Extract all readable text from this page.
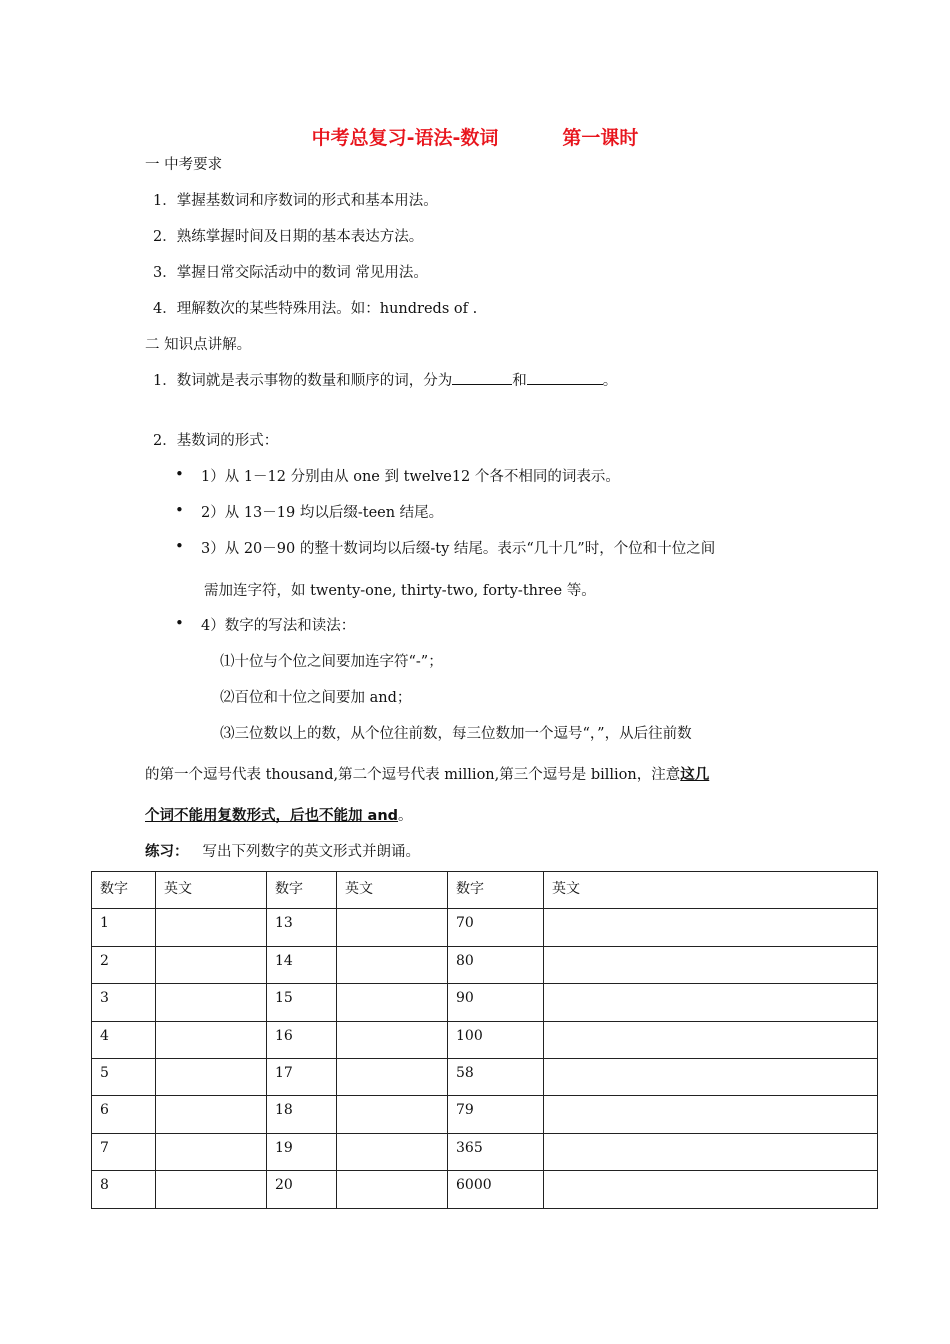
中考总复习-语法-数词	第一课时
一 中考要求
1．掌握基数词和序数词的形式和基本用法。
2．熟练掌握时间及日期的基本表达方法。
3．掌握日常交际活动中的数词 常见用法。
4．理解数次的某些特殊用法。如：hundreds of .
二 知识点讲解。
1．数词就是表示事物的数量和顺序的词，分为	和	。
2．基数词的形式：
• 1）从 1－12 分别由从 one 到 twelve12 个各不相同的词表示。
• 2）从 13－19 均以后缀-teen 结尾。
• 3）从 20－90 的整十数词均以后缀-ty 结尾。表示“几十几”时，个位和十位之间
需加连字符，如 twenty-one, thirty-two, forty-three 等。
• 4）数字的写法和读法：
⑴十位与个位之间要加连字符“-”；
⑵百位和十位之间要加 and；
⑶三位数以上的数，从个位往前数，每三位数加一个逗号“，”，从后往前数
的第一个逗号代表 thousand,第二个逗号代表 million,第三个逗号是 billion，注意这几
个词不能用复数形式，后也不能加 and。
练习： 写出下列数字的英文形式并朗诵。
数字	英文	数字	英文	数字	英文
1		13		70	
2		14		80	
3		15		90	
4		16		100	
5		17		58	
6		18		79	
7		19		365	
8		20		6000	
